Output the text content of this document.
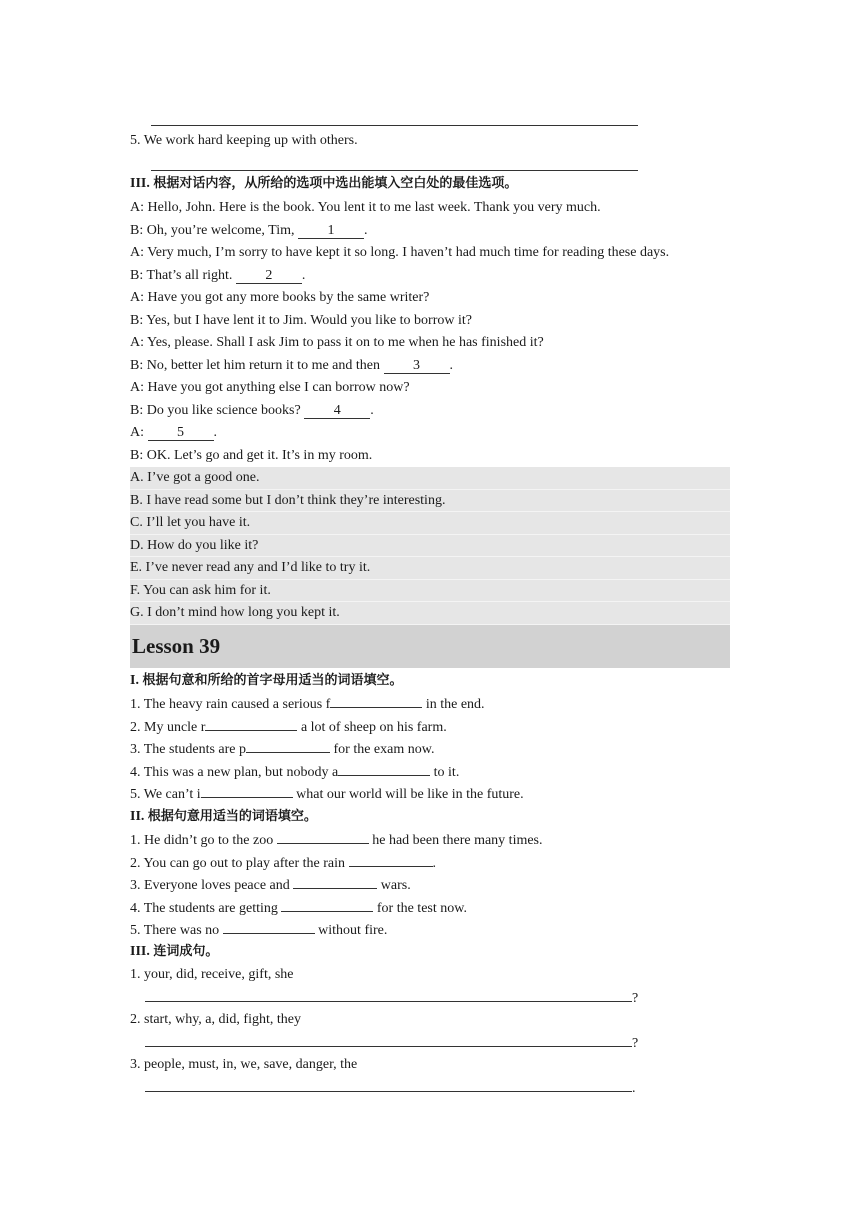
5. We work hard keeping up with others.
III. 根据对话内容，从所给的选项中选出能填入空白处的最佳选项。
A: Hello, John. Here is the book. You lent it to me last week. Thank you very much.
B: Oh, you’re welcome, Tim, 1 .
A: Very much, I’m sorry to have kept it so long. I haven’t had much time for reading these days.
B: That’s all right. 2 .
A: Have you got any more books by the same writer?
B: Yes, but I have lent it to Jim. Would you like to borrow it?
A: Yes, please. Shall I ask Jim to pass it on to me when he has finished it?
B: No, better let him return it to me and then 3 .
A: Have you got anything else I can borrow now?
B: Do you like science books? 4 .
A: 5 .
B: OK. Let’s go and get it. It’s in my room.
A. I’ve got a good one.
B. I have read some but I don’t think they’re interesting.
C. I’ll let you have it.
D. How do you like it?
E. I’ve never read any and I’d like to try it.
F. You can ask him for it.
G. I don’t mind how long you kept it.
Lesson 39
I. 根据句意和所给的首字母用适当的词语填空。
1. The heavy rain caused a serious f	in the end.
2. My uncle r	a lot of sheep on his farm.
3. The students are p	for the exam now.
4. This was a new plan, but nobody a	to it.
5. We can’t i	what our world will be like in the future.
II. 根据句意用适当的词语填空。
1. He didn’t go to the zoo	he had been there many times.
2. You can go out to play after the rain	.
3. Everyone loves peace and	wars.
4. The students are getting	for the test now.
5. There was no	without fire.
III. 连词成句。
1. your, did, receive, gift, she
?
2. start, why, a, did, fight, they
?
3. people, must, in, we, save, danger, the
.
